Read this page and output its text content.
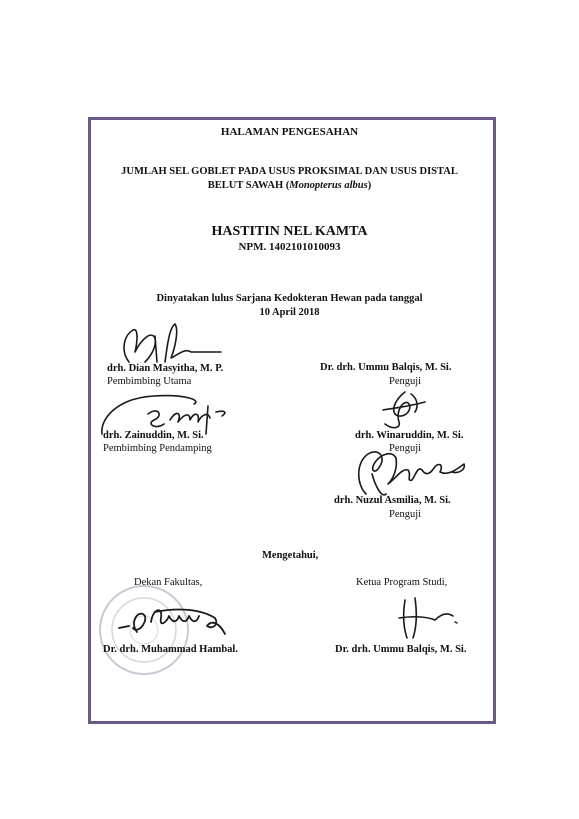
HALAMAN PENGESAHAN
JUMLAH SEL GOBLET PADA USUS PROKSIMAL DAN USUS DISTAL
BELUT SAWAH (Monopterus albus)
HASTITIN NEL KAMTA
NPM. 1402101010093
Dinyatakan lulus Sarjana Kedokteran Hewan pada tanggal
10 April 2018
drh. Dian Masyitha, M. P.
Pembimbing Utama
Dr. drh. Ummu Balqis, M. Si.
Penguji
drh. Zainuddin, M. Si.
Pembimbing Pendamping
drh. Winaruddin, M. Si.
Penguji
drh. Nuzul Asmilia, M. Si.
Penguji
Mengetahui,
Dekan Fakultas,	Ketua Program Studi,
Dr. drh. Muhammad Hambal.	Dr. drh. Ummu Balqis, M. Si.
